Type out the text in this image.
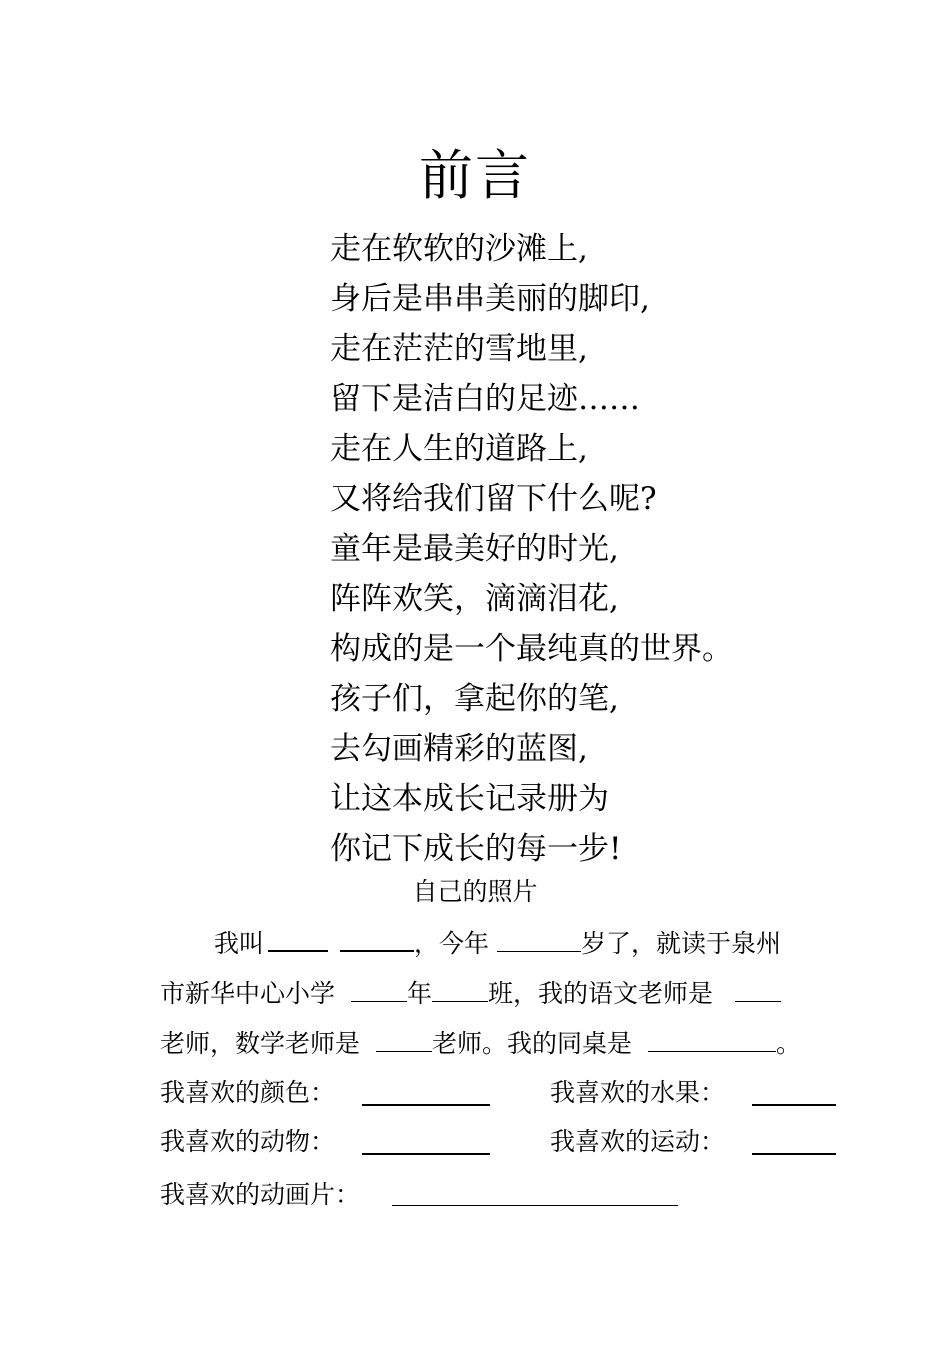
前言
走在软软的沙滩上,
身后是串串美丽的脚印,
走在茫茫的雪地里,
留下是洁白的足迹……
走在人生的道路上,
又将给我们留下什么呢?
童年是最美好的时光,
阵阵欢笑，滴滴泪花,
构成的是一个最纯真的世界。
孩子们，拿起你的笔,
去勾画精彩的蓝图,
让这本成长记录册为
你记下成长的每一步!
自己的照片
我叫	，今年	岁了，就读于泉州
市新华中心小学	年 班，我的语文老师是
老师，数学老师是	老师。我的同桌是	。
我喜欢的颜色：	我喜欢的水果：
我喜欢的动物：	我喜欢的运动：
我喜欢的动画片：
